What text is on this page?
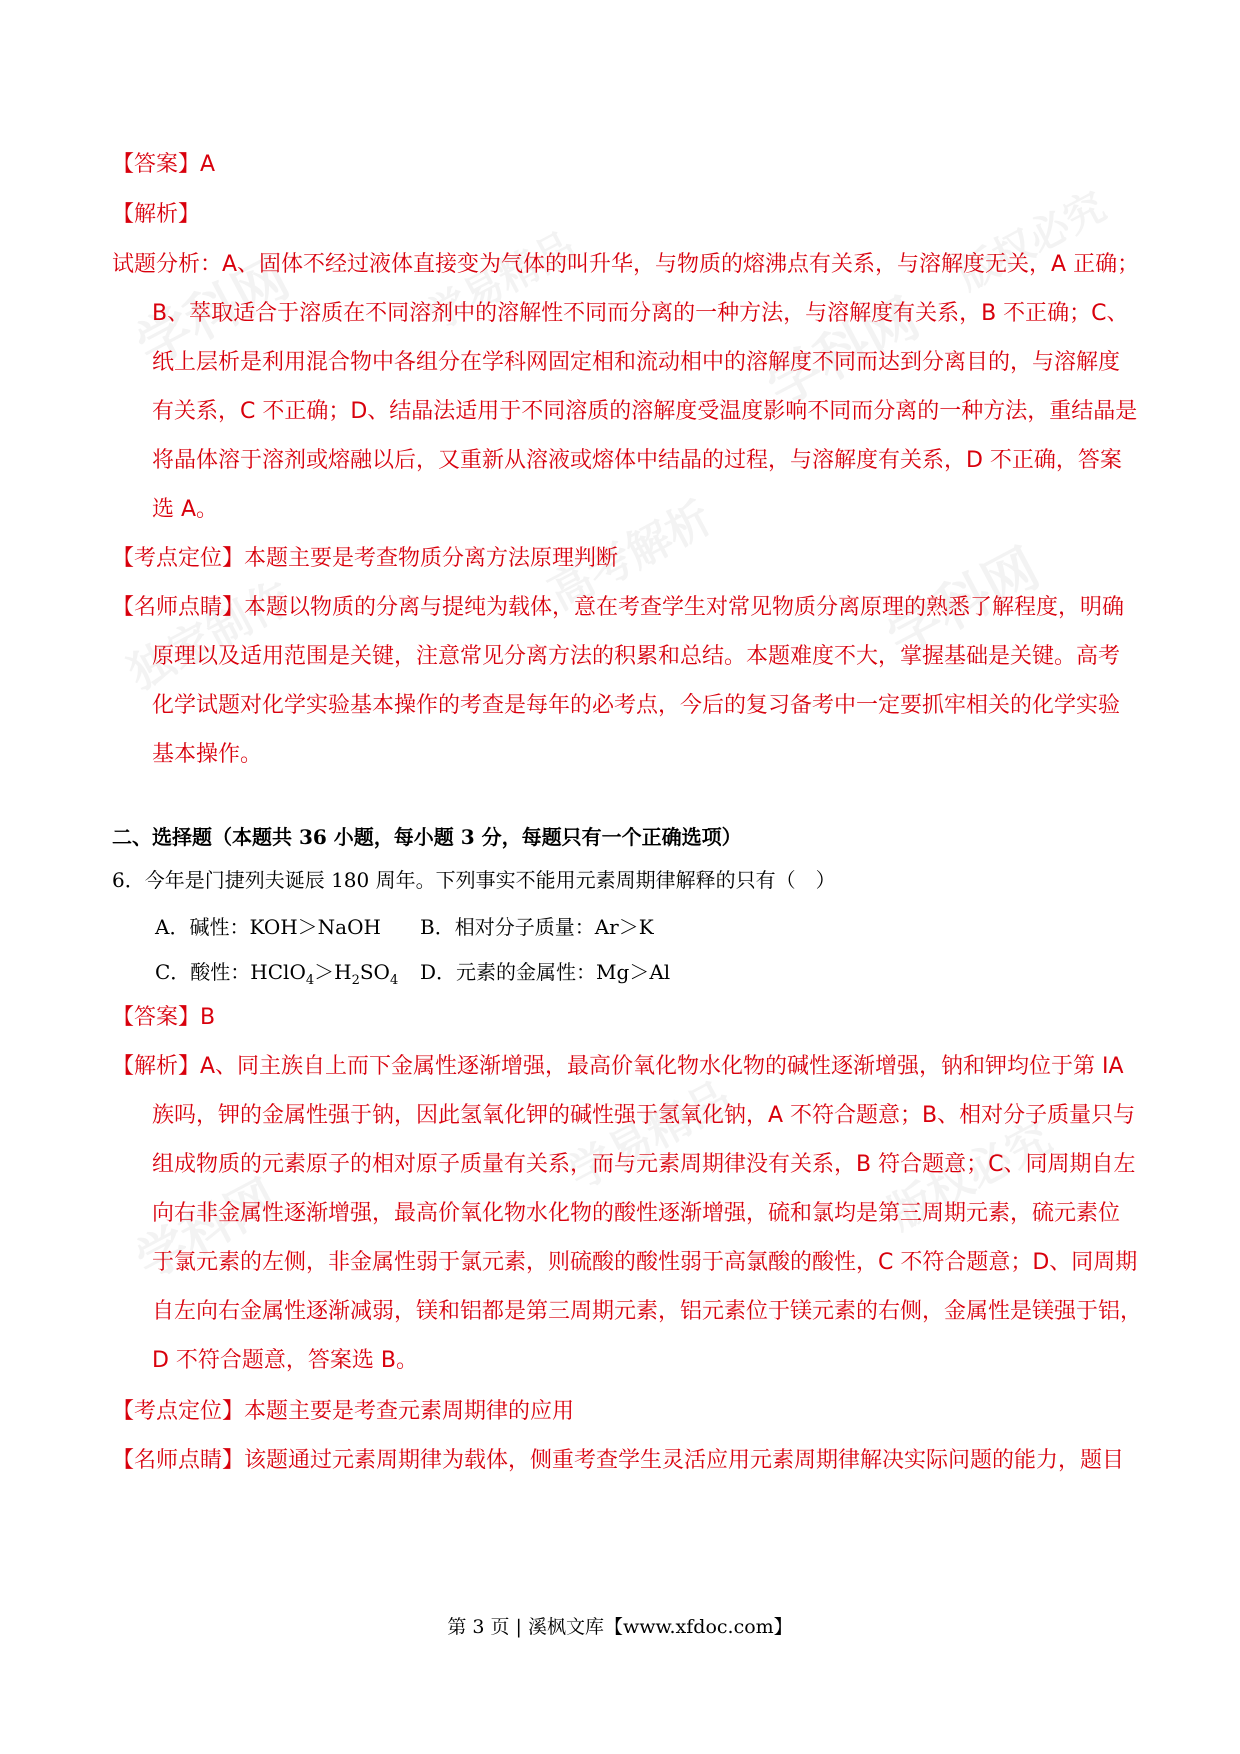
学科网	学易精品
学科网
版权必究
独家制作
高考解析	学科网
学科网
学易精品	版权必究
【答案】A
【解析】
试题分析：A、固体不经过液体直接变为气体的叫升华，与物质的熔沸点有关系，与溶解度无关，A 正确；
B、萃取适合于溶质在不同溶剂中的溶解性不同而分离的一种方法，与溶解度有关系，B 不正确；C、
纸上层析是利用混合物中各组分在学科网固定相和流动相中的溶解度不同而达到分离目的，与溶解度
有关系，C 不正确；D、结晶法适用于不同溶质的溶解度受温度影响不同而分离的一种方法，重结晶是
将晶体溶于溶剂或熔融以后，又重新从溶液或熔体中结晶的过程，与溶解度有关系，D 不正确，答案
选 A。
【考点定位】本题主要是考查物质分离方法原理判断
【名师点睛】本题以物质的分离与提纯为载体，意在考查学生对常见物质分离原理的熟悉了解程度，明确
原理以及适用范围是关键，注意常见分离方法的积累和总结。本题难度不大，掌握基础是关键。高考
化学试题对化学实验基本操作的考查是每年的必考点，今后的复习备考中一定要抓牢相关的化学实验
基本操作。
二、选择题（本题共 36 小题，每小题 3 分，每题只有一个正确选项）
6．今年是门捷列夫诞辰 180 周年。下列事实不能用元素周期律解释的只有（　）
A．碱性：KOH＞NaOH B．相对分子质量：Ar＞K
C．酸性：$HClO_4>H_2SO_4$ D．元素的金属性：Mg＞Al
【答案】B
【解析】A、同主族自上而下金属性逐渐增强，最高价氧化物水化物的碱性逐渐增强，钠和钾均位于第 IA
族吗，钾的金属性强于钠，因此氢氧化钾的碱性强于氢氧化钠，A 不符合题意；B、相对分子质量只与
组成物质的元素原子的相对原子质量有关系，而与元素周期律没有关系，B 符合题意；C、同周期自左
向右非金属性逐渐增强，最高价氧化物水化物的酸性逐渐增强，硫和氯均是第三周期元素，硫元素位
于氯元素的左侧，非金属性弱于氯元素，则硫酸的酸性弱于高氯酸的酸性，C 不符合题意；D、同周期
自左向右金属性逐渐减弱，镁和铝都是第三周期元素，铝元素位于镁元素的右侧，金属性是镁强于铝，
D 不符合题意，答案选 B。
【考点定位】本题主要是考查元素周期律的应用
【名师点睛】该题通过元素周期律为载体，侧重考查学生灵活应用元素周期律解决实际问题的能力，题目
第 3 页 | 溪枫文库【www.xfdoc.com】
